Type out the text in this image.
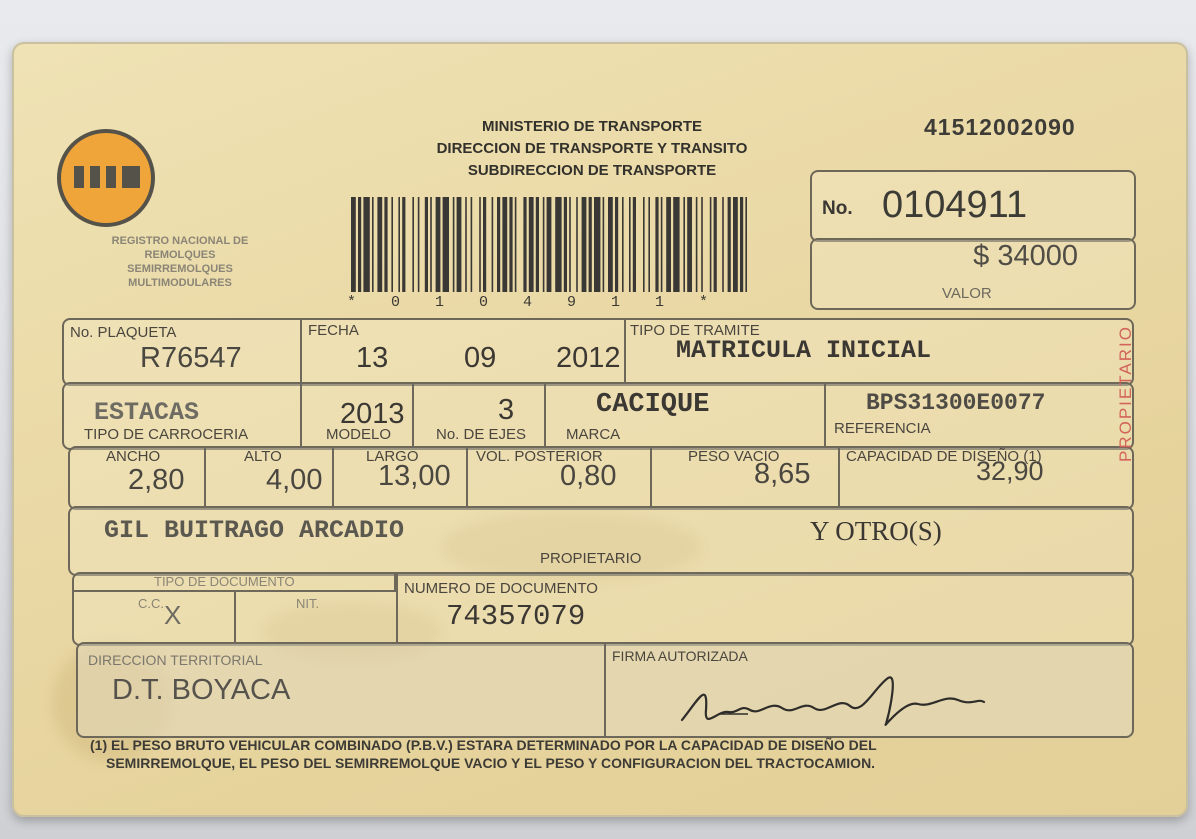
REGISTRO NACIONAL DE
REMOLQUES
SEMIRREMOLQUES
MULTIMODULARES
MINISTERIO DE TRANSPORTE
DIRECCION DE TRANSPORTE Y TRANSITO
SUBDIRECCION DE TRANSPORTE
41512002090
* 0 1 0 4 9 1 1 *
No. 0104911
$ 34000
VALOR
No. PLAQUETA
R76547
FECHA
13	09 2012
TIPO DE TRAMITE
MATRICULA INICIAL
ESTACAS
TIPO DE CARROCERIA
2013
MODELO
3
No. DE EJES
CACIQUE
MARCA
BPS31300E0077
REFERENCIA
ANCHO
2,80
ALTO
4,00
LARGO
13,00
VOL. POSTERIOR
0,80
PESO VACIO
8,65
CAPACIDAD DE DISEÑO (1)
32,90
GIL BUITRAGO ARCADIO	Y OTRO(S)
PROPIETARIO
TIPO DE DOCUMENTO
C.C. X	NIT.
NUMERO DE DOCUMENTO
74357079
DIRECCION TERRITORIAL
D.T. BOYACA
FIRMA AUTORIZADA
(1) EL PESO BRUTO VEHICULAR COMBINADO (P.B.V.) ESTARA DETERMINADO POR LA CAPACIDAD DE DISEÑO DEL
SEMIRREMOLQUE, EL PESO DEL SEMIRREMOLQUE VACIO Y EL PESO Y CONFIGURACION DEL TRACTOCAMION.
PROPIETARIO
